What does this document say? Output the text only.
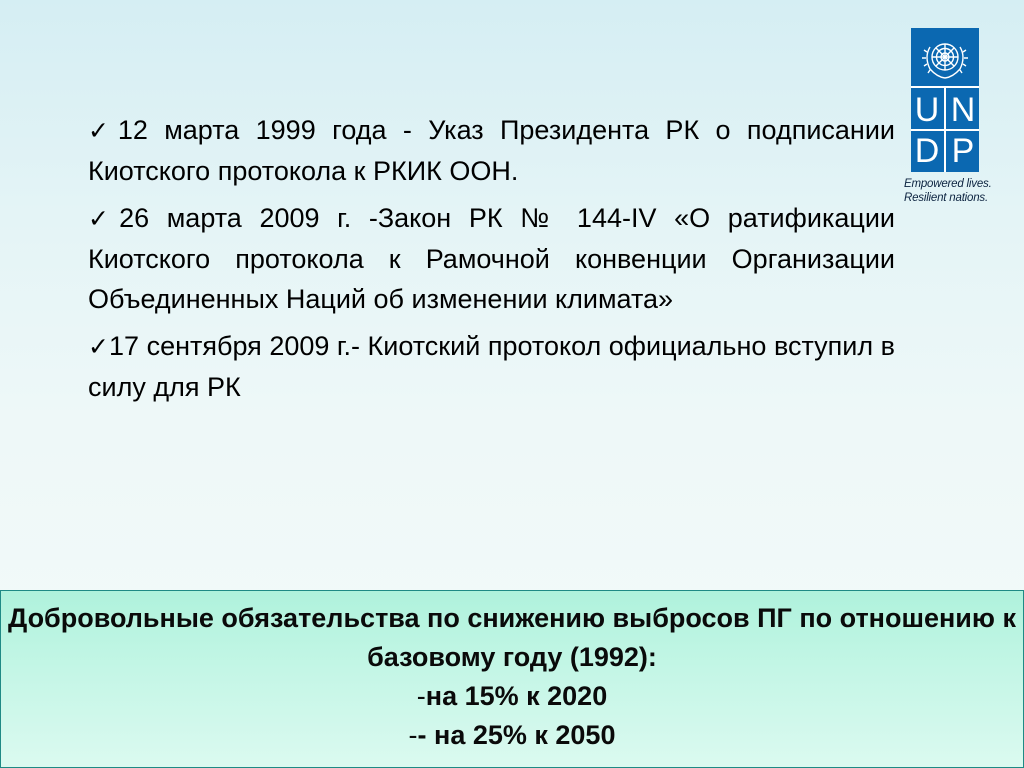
U N
D P
Empowered lives.
Resilient nations.
✓12 марта 1999 года - Указ Президента РК о подписании Киотского протокола к РКИК ООН.
✓26 марта 2009 г. -Закон РК № 144-IV «О ратификации Киотского протокола к Рамочной конвенции Организации Объединенных Наций об изменении климата»
✓17 сентября 2009 г.- Киотский протокол официально вступил в силу для РК
Добровольные обязательства по снижению выбросов ПГ по отношению к базовому году (1992):
-на 15% к 2020
-- на 25% к 2050
